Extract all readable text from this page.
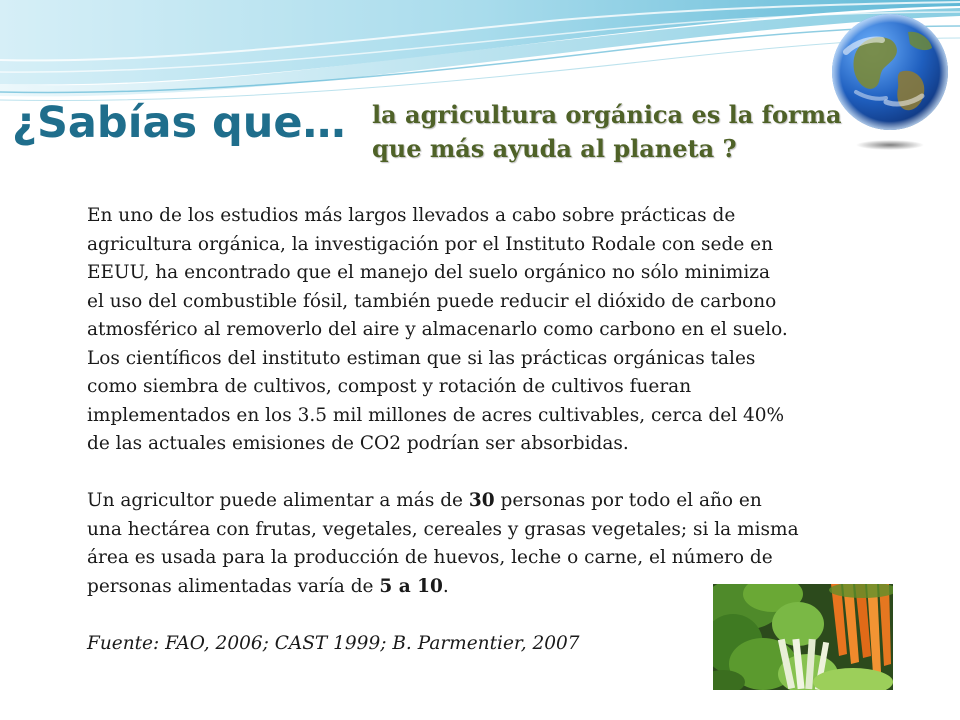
¿Sabías que… la agricultura orgánica es la forma
que más ayuda al planeta ?
En uno de los estudios más largos llevados a cabo sobre prácticas de
agricultura orgánica, la investigación por el Instituto Rodale con sede en
EEUU, ha encontrado que el manejo del suelo orgánico no sólo minimiza
el uso del combustible fósil, también puede reducir el dióxido de carbono
atmosférico al removerlo del aire y almacenarlo como carbono en el suelo.
Los científicos del instituto estiman que si las prácticas orgánicas tales
como siembra de cultivos, compost y rotación de cultivos fueran
implementados en los 3.5 mil millones de acres cultivables, cerca del 40%
de las actuales emisiones de CO2 podrían ser absorbidas.
Un agricultor puede alimentar a más de 30 personas por todo el año en
una hectárea con frutas, vegetales, cereales y grasas vegetales; si la misma
área es usada para la producción de huevos, leche o carne, el número de
personas alimentadas varía de 5 a 10.
Fuente: FAO, 2006; CAST 1999; B. Parmentier, 2007
